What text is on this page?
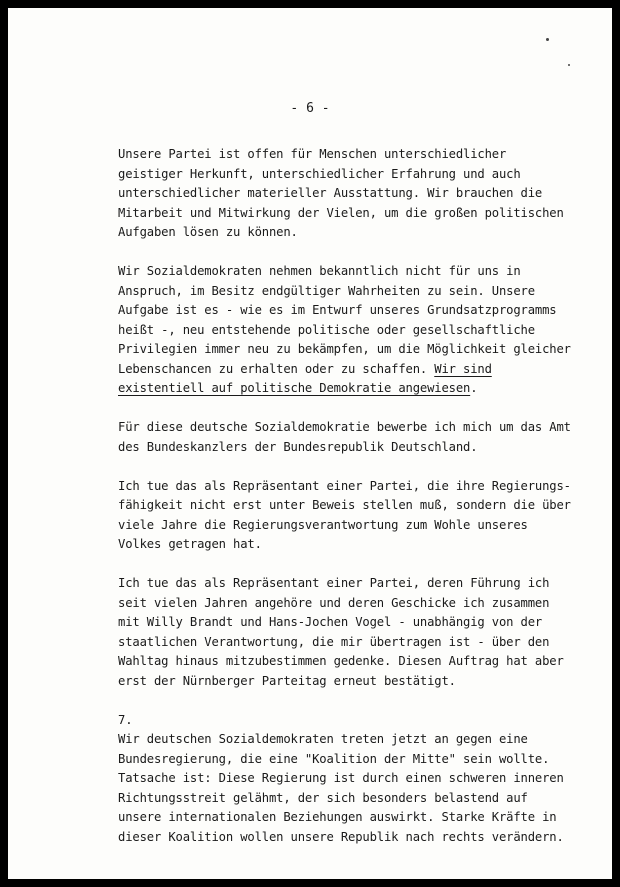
- 6 -

Unsere Partei ist offen für Menschen unterschiedlicher
geistiger Herkunft, unterschiedlicher Erfahrung und auch
unterschiedlicher materieller Ausstattung. Wir brauchen die
Mitarbeit und Mitwirkung der Vielen, um die großen politischen
Aufgaben lösen zu können.

Wir Sozialdemokraten nehmen bekanntlich nicht für uns in
Anspruch, im Besitz endgültiger Wahrheiten zu sein. Unsere
Aufgabe ist es - wie es im Entwurf unseres Grundsatzprogramms
heißt -, neu entstehende politische oder gesellschaftliche
Privilegien immer neu zu bekämpfen, um die Möglichkeit gleicher
Lebenschancen zu erhalten oder zu schaffen. Wir sind
existentiell auf politische Demokratie angewiesen.

Für diese deutsche Sozialdemokratie bewerbe ich mich um das Amt
des Bundeskanzlers der Bundesrepublik Deutschland.

Ich tue das als Repräsentant einer Partei, die ihre Regierungs-
fähigkeit nicht erst unter Beweis stellen muß, sondern die über
viele Jahre die Regierungsverantwortung zum Wohle unseres
Volkes getragen hat.

Ich tue das als Repräsentant einer Partei, deren Führung ich
seit vielen Jahren angehöre und deren Geschicke ich zusammen
mit Willy Brandt und Hans-Jochen Vogel - unabhängig von der
staatlichen Verantwortung, die mir übertragen ist - über den
Wahltag hinaus mitzubestimmen gedenke. Diesen Auftrag hat aber
erst der Nürnberger Parteitag erneut bestätigt.

7.
Wir deutschen Sozialdemokraten treten jetzt an gegen eine
Bundesregierung, die eine "Koalition der Mitte" sein wollte.
Tatsache ist: Diese Regierung ist durch einen schweren inneren
Richtungsstreit gelähmt, der sich besonders belastend auf
unsere internationalen Beziehungen auswirkt. Starke Kräfte in
dieser Koalition wollen unsere Republik nach rechts verändern.
